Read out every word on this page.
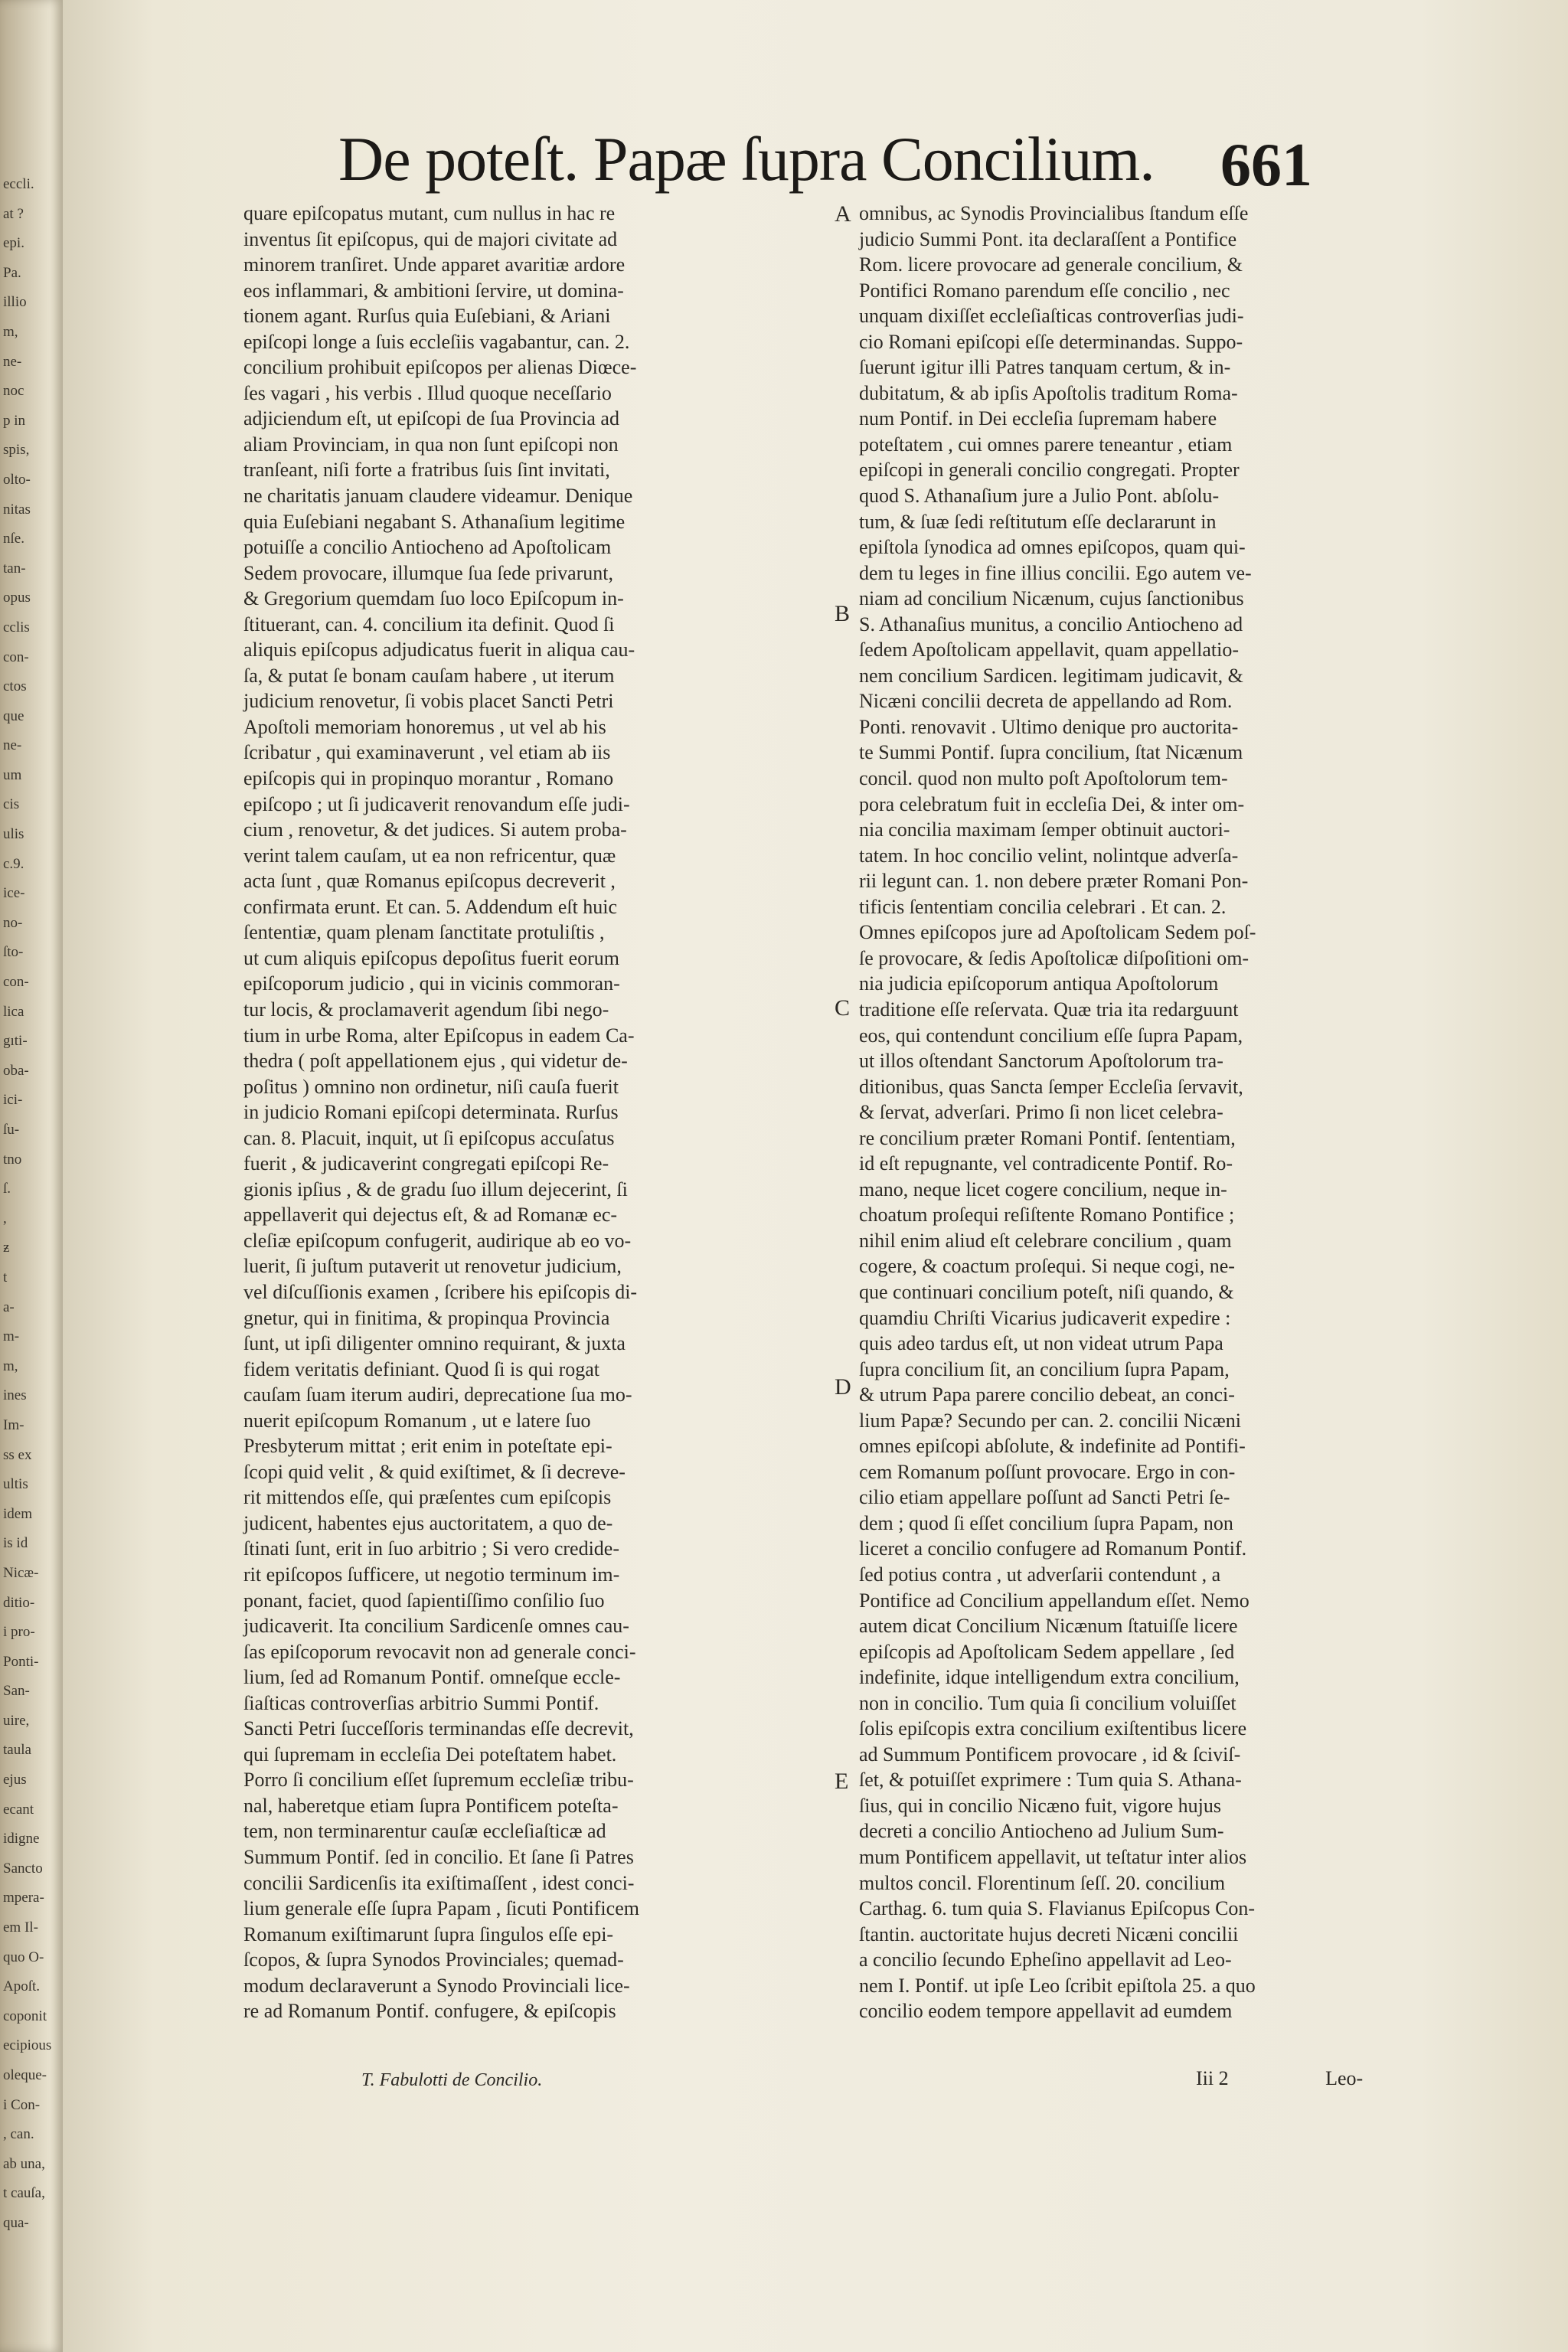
eccli.
at ?
epi.
Pa.
illio
m,
ne-
noc
p in
spis,
olto-
nitas
nſe.
tan-
opus
cclis
con-
ctos
que
ne-
um
cis
ulis
c.9.
ice-
no-
ſto-
con-
lica
gıti-
oba-
ici-
ſu-
tno
ſ.
,
ƶ
t
a-
m-
m,
ines
Im-
ss ex
ultis
idem
is id
Nicæ-
ditio-
i pro-
Ponti-
San-
uire,
taula
ejus
ecant
idigne
Sancto
mpera-
em Il-
quo O-
Apoſt.
coponit
ecipious
oleque-
i Con-
, can.
ab una,
t cauſa,
qua-
De poteſt. Papæ ſupra Concilium. 661
quare epiſcopatus mutant, cum nullus in hac re
inventus ſit epiſcopus, qui de majori civitate ad
minorem tranſiret. Unde apparet avaritiæ ardore
eos inflammari, & ambitioni ſervire, ut domina-
tionem agant. Rurſus quia Euſebiani, & Ariani
epiſcopi longe a ſuis eccleſiis vagabantur, can. 2.
concilium prohibuit epiſcopos per alienas Diœce-
ſes vagari , his verbis . Illud quoque neceſſario
adjiciendum eſt, ut epiſcopi de ſua Provincia ad
aliam Provinciam, in qua non ſunt epiſcopi non
tranſeant, niſi forte a fratribus ſuis ſint invitati,
ne charitatis januam claudere videamur. Denique
quia Euſebiani negabant S. Athanaſium legitime
potuiſſe a concilio Antiocheno ad Apoſtolicam
Sedem provocare, illumque ſua ſede privarunt,
& Gregorium quemdam ſuo loco Epiſcopum in-
ſtituerant, can. 4. concilium ita definit. Quod ſi
aliquis epiſcopus adjudicatus fuerit in aliqua cau-
ſa, & putat ſe bonam cauſam habere , ut iterum
judicium renovetur, ſi vobis placet Sancti Petri
Apoſtoli memoriam honoremus , ut vel ab his
ſcribatur , qui examinaverunt , vel etiam ab iis
epiſcopis qui in propinquo morantur , Romano
epiſcopo ; ut ſi judicaverit renovandum eſſe judi-
cium , renovetur, & det judices. Si autem proba-
verint talem cauſam, ut ea non refricentur, quæ
acta ſunt , quæ Romanus epiſcopus decreverit ,
confirmata erunt. Et can. 5. Addendum eſt huic
ſententiæ, quam plenam ſanctitate protuliſtis ,
ut cum aliquis epiſcopus depoſitus fuerit eorum
epiſcoporum judicio , qui in vicinis commoran-
tur locis, & proclamaverit agendum ſibi nego-
tium in urbe Roma, alter Epiſcopus in eadem Ca-
thedra ( poſt appellationem ejus , qui videtur de-
poſitus ) omnino non ordinetur, niſi cauſa fuerit
in judicio Romani epiſcopi determinata. Rurſus
can. 8. Placuit, inquit, ut ſi epiſcopus accuſatus
fuerit , & judicaverint congregati epiſcopi Re-
gionis ipſius , & de gradu ſuo illum dejecerint, ſi
appellaverit qui dejectus eſt, & ad Romanæ ec-
cleſiæ epiſcopum confugerit, audirique ab eo vo-
luerit, ſi juſtum putaverit ut renovetur judicium,
vel diſcuſſionis examen , ſcribere his epiſcopis di-
gnetur, qui in finitima, & propinqua Provincia
ſunt, ut ipſi diligenter omnino requirant, & juxta
fidem veritatis definiant. Quod ſi is qui rogat
cauſam ſuam iterum audiri, deprecatione ſua mo-
nuerit epiſcopum Romanum , ut e latere ſuo
Presbyterum mittat ; erit enim in poteſtate epi-
ſcopi quid velit , & quid exiſtimet, & ſi decreve-
rit mittendos eſſe, qui præſentes cum epiſcopis
judicent, habentes ejus auctoritatem, a quo de-
ſtinati ſunt, erit in ſuo arbitrio ; Si vero credide-
rit epiſcopos ſufficere, ut negotio terminum im-
ponant, faciet, quod ſapientiſſimo conſilio ſuo
judicaverit. Ita concilium Sardicenſe omnes cau-
ſas epiſcoporum revocavit non ad generale conci-
lium, ſed ad Romanum Pontif. omneſque eccle-
ſiaſticas controverſias arbitrio Summi Pontif.
Sancti Petri ſucceſſoris terminandas eſſe decrevit,
qui ſupremam in eccleſia Dei poteſtatem habet.
Porro ſi concilium eſſet ſupremum eccleſiæ tribu-
nal, haberetque etiam ſupra Pontificem poteſta-
tem, non terminarentur cauſæ eccleſiaſticæ ad
Summum Pontif. ſed in concilio. Et ſane ſi Patres
concilii Sardicenſis ita exiſtimaſſent , idest conci-
lium generale eſſe ſupra Papam , ſicuti Pontificem
Romanum exiſtimarunt ſupra ſingulos eſſe epi-
ſcopos, & ſupra Synodos Provinciales; quemad-
modum declaraverunt a Synodo Provinciali lice-
re ad Romanum Pontif. confugere, & epiſcopis
omnibus, ac Synodis Provincialibus ſtandum eſſe
judicio Summi Pont. ita declaraſſent a Pontifice
Rom. licere provocare ad generale concilium, &
Pontifici Romano parendum eſſe concilio , nec
unquam dixiſſet eccleſiaſticas controverſias judi-
cio Romani epiſcopi eſſe determinandas. Suppo-
ſuerunt igitur illi Patres tanquam certum, & in-
dubitatum, & ab ipſis Apoſtolis traditum Roma-
num Pontif. in Dei eccleſia ſupremam habere
poteſtatem , cui omnes parere teneantur , etiam
epiſcopi in generali concilio congregati. Propter
quod S. Athanaſium jure a Julio Pont. abſolu-
tum, & ſuæ ſedi reſtitutum eſſe declararunt in
epiſtola ſynodica ad omnes epiſcopos, quam qui-
dem tu leges in fine illius concilii. Ego autem ve-
niam ad concilium Nicænum, cujus ſanctionibus
S. Athanaſius munitus, a concilio Antiocheno ad
ſedem Apoſtolicam appellavit, quam appellatio-
nem concilium Sardicen. legitimam judicavit, &
Nicæni concilii decreta de appellando ad Rom.
Ponti. renovavit . Ultimo denique pro auctorita-
te Summi Pontif. ſupra concilium, ſtat Nicænum
concil. quod non multo poſt Apoſtolorum tem-
pora celebratum fuit in eccleſia Dei, & inter om-
nia concilia maximam ſemper obtinuit auctori-
tatem. In hoc concilio velint, nolintque adverſa-
rii legunt can. 1. non debere præter Romani Pon-
tificis ſententiam concilia celebrari . Et can. 2.
Omnes epiſcopos jure ad Apoſtolicam Sedem poſ-
ſe provocare, & ſedis Apoſtolicæ diſpoſitioni om-
nia judicia epiſcoporum antiqua Apoſtolorum
traditione eſſe reſervata. Quæ tria ita redarguunt
eos, qui contendunt concilium eſſe ſupra Papam,
ut illos oſtendant Sanctorum Apoſtolorum tra-
ditionibus, quas Sancta ſemper Eccleſia ſervavit,
& ſervat, adverſari. Primo ſi non licet celebra-
re concilium præter Romani Pontif. ſententiam,
id eſt repugnante, vel contradicente Pontif. Ro-
mano, neque licet cogere concilium, neque in-
choatum proſequi reſiſtente Romano Pontifice ;
nihil enim aliud eſt celebrare concilium , quam
cogere, & coactum proſequi. Si neque cogi, ne-
que continuari concilium poteſt, niſi quando, &
quamdiu Chriſti Vicarius judicaverit expedire :
quis adeo tardus eſt, ut non videat utrum Papa
ſupra concilium ſit, an concilium ſupra Papam,
& utrum Papa parere concilio debeat, an conci-
lium Papæ? Secundo per can. 2. concilii Nicæni
omnes epiſcopi abſolute, & indefinite ad Pontifi-
cem Romanum poſſunt provocare. Ergo in con-
cilio etiam appellare poſſunt ad Sancti Petri ſe-
dem ; quod ſi eſſet concilium ſupra Papam, non
liceret a concilio confugere ad Romanum Pontif.
ſed potius contra , ut adverſarii contendunt , a
Pontifice ad Concilium appellandum eſſet. Nemo
autem dicat Concilium Nicænum ſtatuiſſe licere
epiſcopis ad Apoſtolicam Sedem appellare , ſed
indefinite, idque intelligendum extra concilium,
non in concilio. Tum quia ſi concilium voluiſſet
ſolis epiſcopis extra concilium exiſtentibus licere
ad Summum Pontificem provocare , id & ſciviſ-
ſet, & potuiſſet exprimere : Tum quia S. Athana-
ſius, qui in concilio Nicæno fuit, vigore hujus
decreti a concilio Antiocheno ad Julium Sum-
mum Pontificem appellavit, ut teſtatur inter alios
multos concil. Florentinum ſeſſ. 20. concilium
Carthag. 6. tum quia S. Flavianus Epiſcopus Con-
ſtantin. auctoritate hujus decreti Nicæni concilii
a concilio ſecundo Epheſino appellavit ad Leo-
nem I. Pontif. ut ipſe Leo ſcribit epiſtola 25. a quo
concilio eodem tempore appellavit ad eumdem
A
B
C
D
E
T. Fabulotti de Concilio.	Iii 2	Leo-
